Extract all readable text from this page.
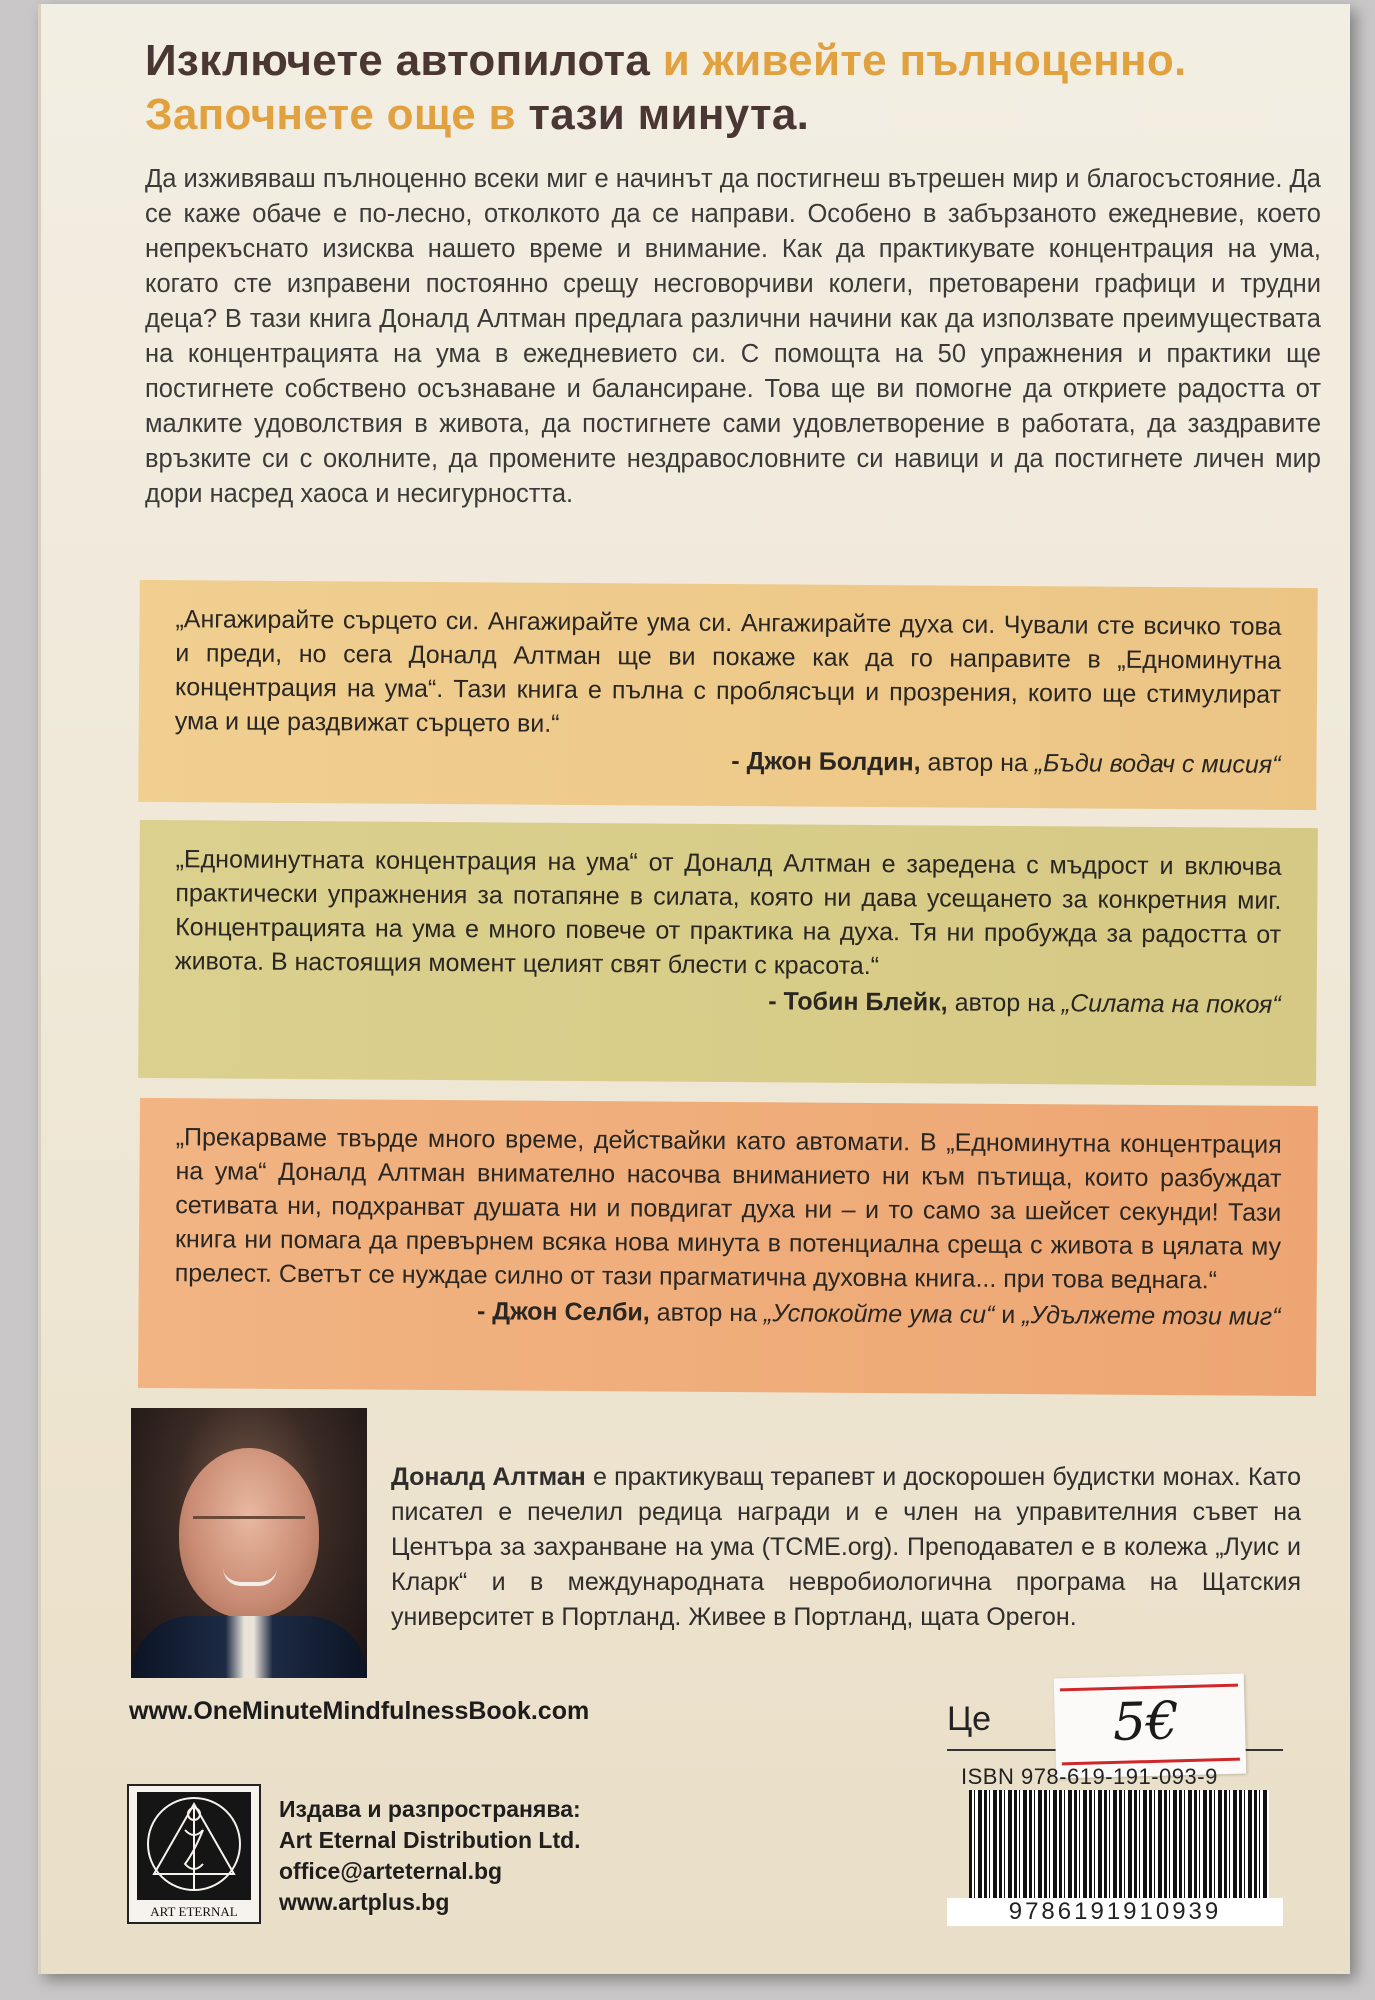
Изключете автопилота и живейте пълноценно.
Започнете още в тази минута.

Да изживяваш пълноценно всеки миг е начинът да постигнеш вътрешен мир и благосъстояние. Да се каже обаче е по-лесно, отколкото да се направи. Особено в забързаното ежедневие, което непрекъснато изисква нашето време и внимание. Как да практикувате концентрация на ума, когато сте изправени постоянно срещу несговорчиви колеги, претоварени графици и трудни деца? В тази книга Доналд Алтман предлага различни начини как да използвате преимуществата на концентрацията на ума в ежедневието си. С помощта на 50 упражнения и практики ще постигнете собствено осъзнаване и балансиране. Това ще ви помогне да откриете радостта от малките удоволствия в живота, да постигнете сами удовлетворение в работата, да заздравите връзките си с околните, да промените нездравословните си навици и да постигнете личен мир дори насред хаоса и несигурността.

„Ангажирайте сърцето си. Ангажирайте ума си. Ангажирайте духа си. Чували сте всичко това и преди, но сега Доналд Алтман ще ви покаже как да го направите в „Едноминутна концентрация на ума“. Тази книга е пълна с проблясъци и прозрения, които ще стимулират ума и ще раздвижат сърцето ви.“

- Джон Болдин, автор на „Бъди водач с мисия“

„Едноминутната концентрация на ума“ от Доналд Алтман е заредена с мъдрост и включва практически упражнения за потапяне в силата, която ни дава усещането за конкретния миг. Концентрацията на ума е много повече от практика на духа. Тя ни пробужда за радостта от живота. В настоящия момент целият свят блести с красота.“

- Тобин Блейк, автор на „Силата на покоя“

„Прекарваме твърде много време, действайки като автомати. В „Едноминутна концентрация на ума“ Доналд Алтман внимателно насочва вниманието ни към пътища, които разбуждат сетивата ни, подхранват душата ни и повдигат духа ни – и то само за шейсет секунди! Тази книга ни помага да превърнем всяка нова минута в потенциална среща с живота в цялата му прелест. Светът се нуждае силно от тази прагматична духовна книга... при това веднага.“

- Джон Селби, автор на „Успокойте ума си“ и „Удължете този миг“

Доналд Алтман е практикуващ терапевт и доскорошен будистки монах. Като писател е печелил редица награди и е член на управителния съвет на Центъра за захранване на ума (TCME.org). Преподавател е в колежа „Луис и Кларк“ и в международната невробиологична програма на Щатския университет в Портланд. Живее в Портланд, щата Орегон.

www.OneMinuteMindfulnessBook.com
ART ETERNAL
Издава и разпространява:
Art Eternal Distribution Ltd.
office@arteternal.bg
www.artplus.bg
Це 5€
ISBN 978-619-191-093-9
9786191910939
